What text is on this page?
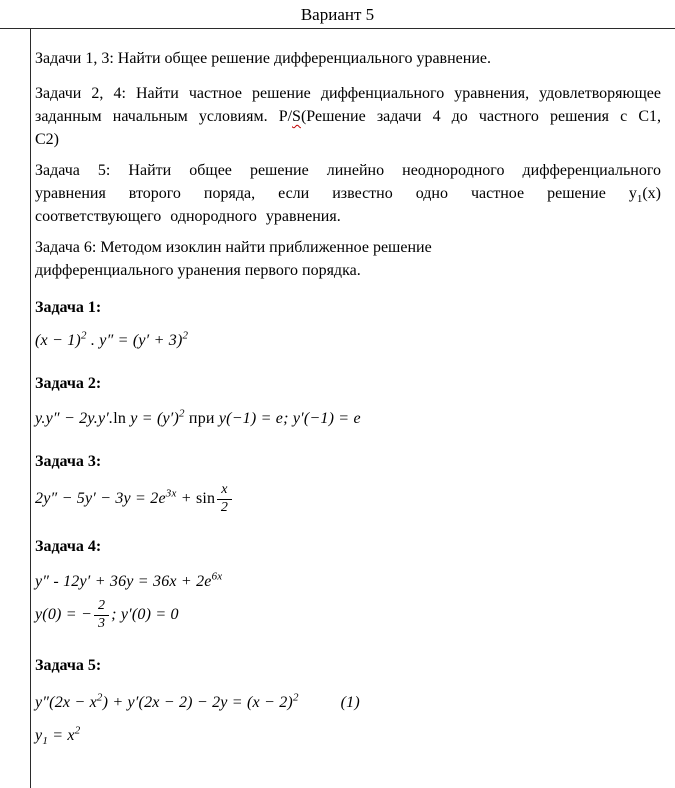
Вариант 5

Задачи 1, 3: Найти общее решение дифференциального уравнение.

Задачи 2, 4: Найти частное решение диффенциального уравнения, удовлетворяющее заданным начальным условиям. P/S(Решение задачи 4 до частного решения с С1, С2)

Задача 5: Найти общее решение линейно неоднородного дифференциального уравнения второго поряда, если известно одно частное решение $y_1(x)$ соответствующего однородного уравнения.

Задача 6: Методом изоклин найти приближенное решение
дифференциального уранения первого порядка.

Задача 1:

$(x - 1)^2$ . $y'' = (y' + 3)^2$

Задача 2:

y.y″ − 2y.y′.ln $y = (y')^2$ при y(−1) = e; y′(−1) = e

Задача 3:

$2y'' - 5y' - 3y = 2e^{3x} + \sin \frac{x}{2}$

Задача 4:

$y'' - 12y' + 36y = 36x + 2e^{6x}$
y(0) = − $\frac{2}{3}$ ; y′(0) = 0

Задача 5:

$y''(2x - x^2) + y'(2x - 2) - 2y = (x - 2)^2$	(1)
$y_1 = x^2$
